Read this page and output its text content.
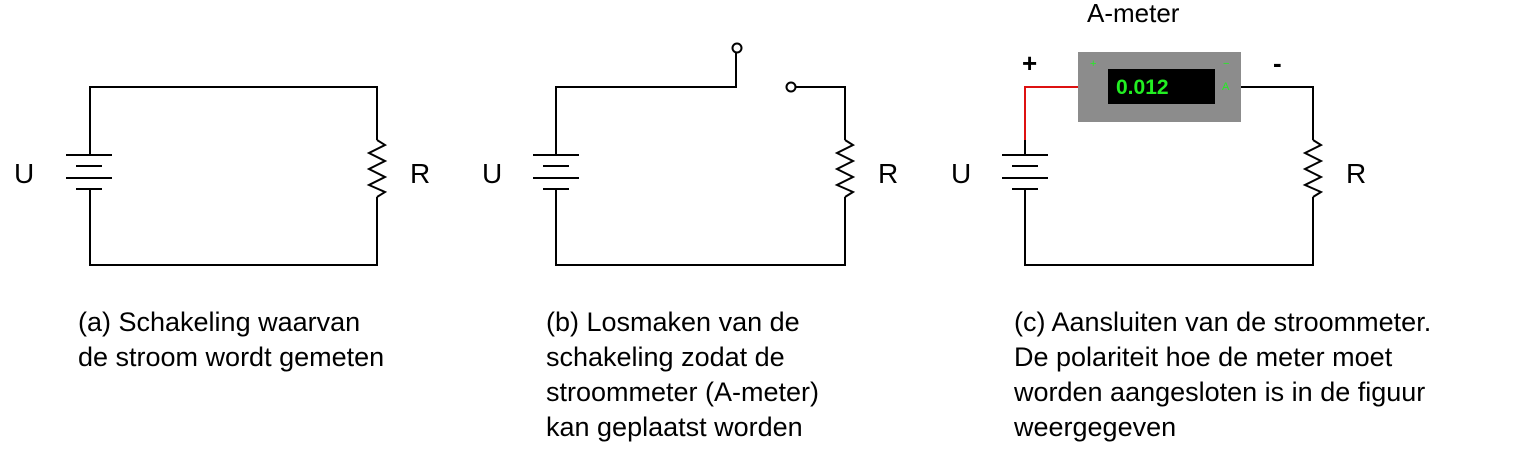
U	R U	R
0.012
+	−
A
A-meter
+	-
U	R
(a) Schakeling waarvan
de stroom wordt gemeten
(b) Losmaken van de
schakeling zodat de
stroommeter (A-meter)
kan geplaatst worden
(c) Aansluiten van de stroommeter.
De polariteit hoe de meter moet
worden aangesloten is in de figuur
weergegeven
